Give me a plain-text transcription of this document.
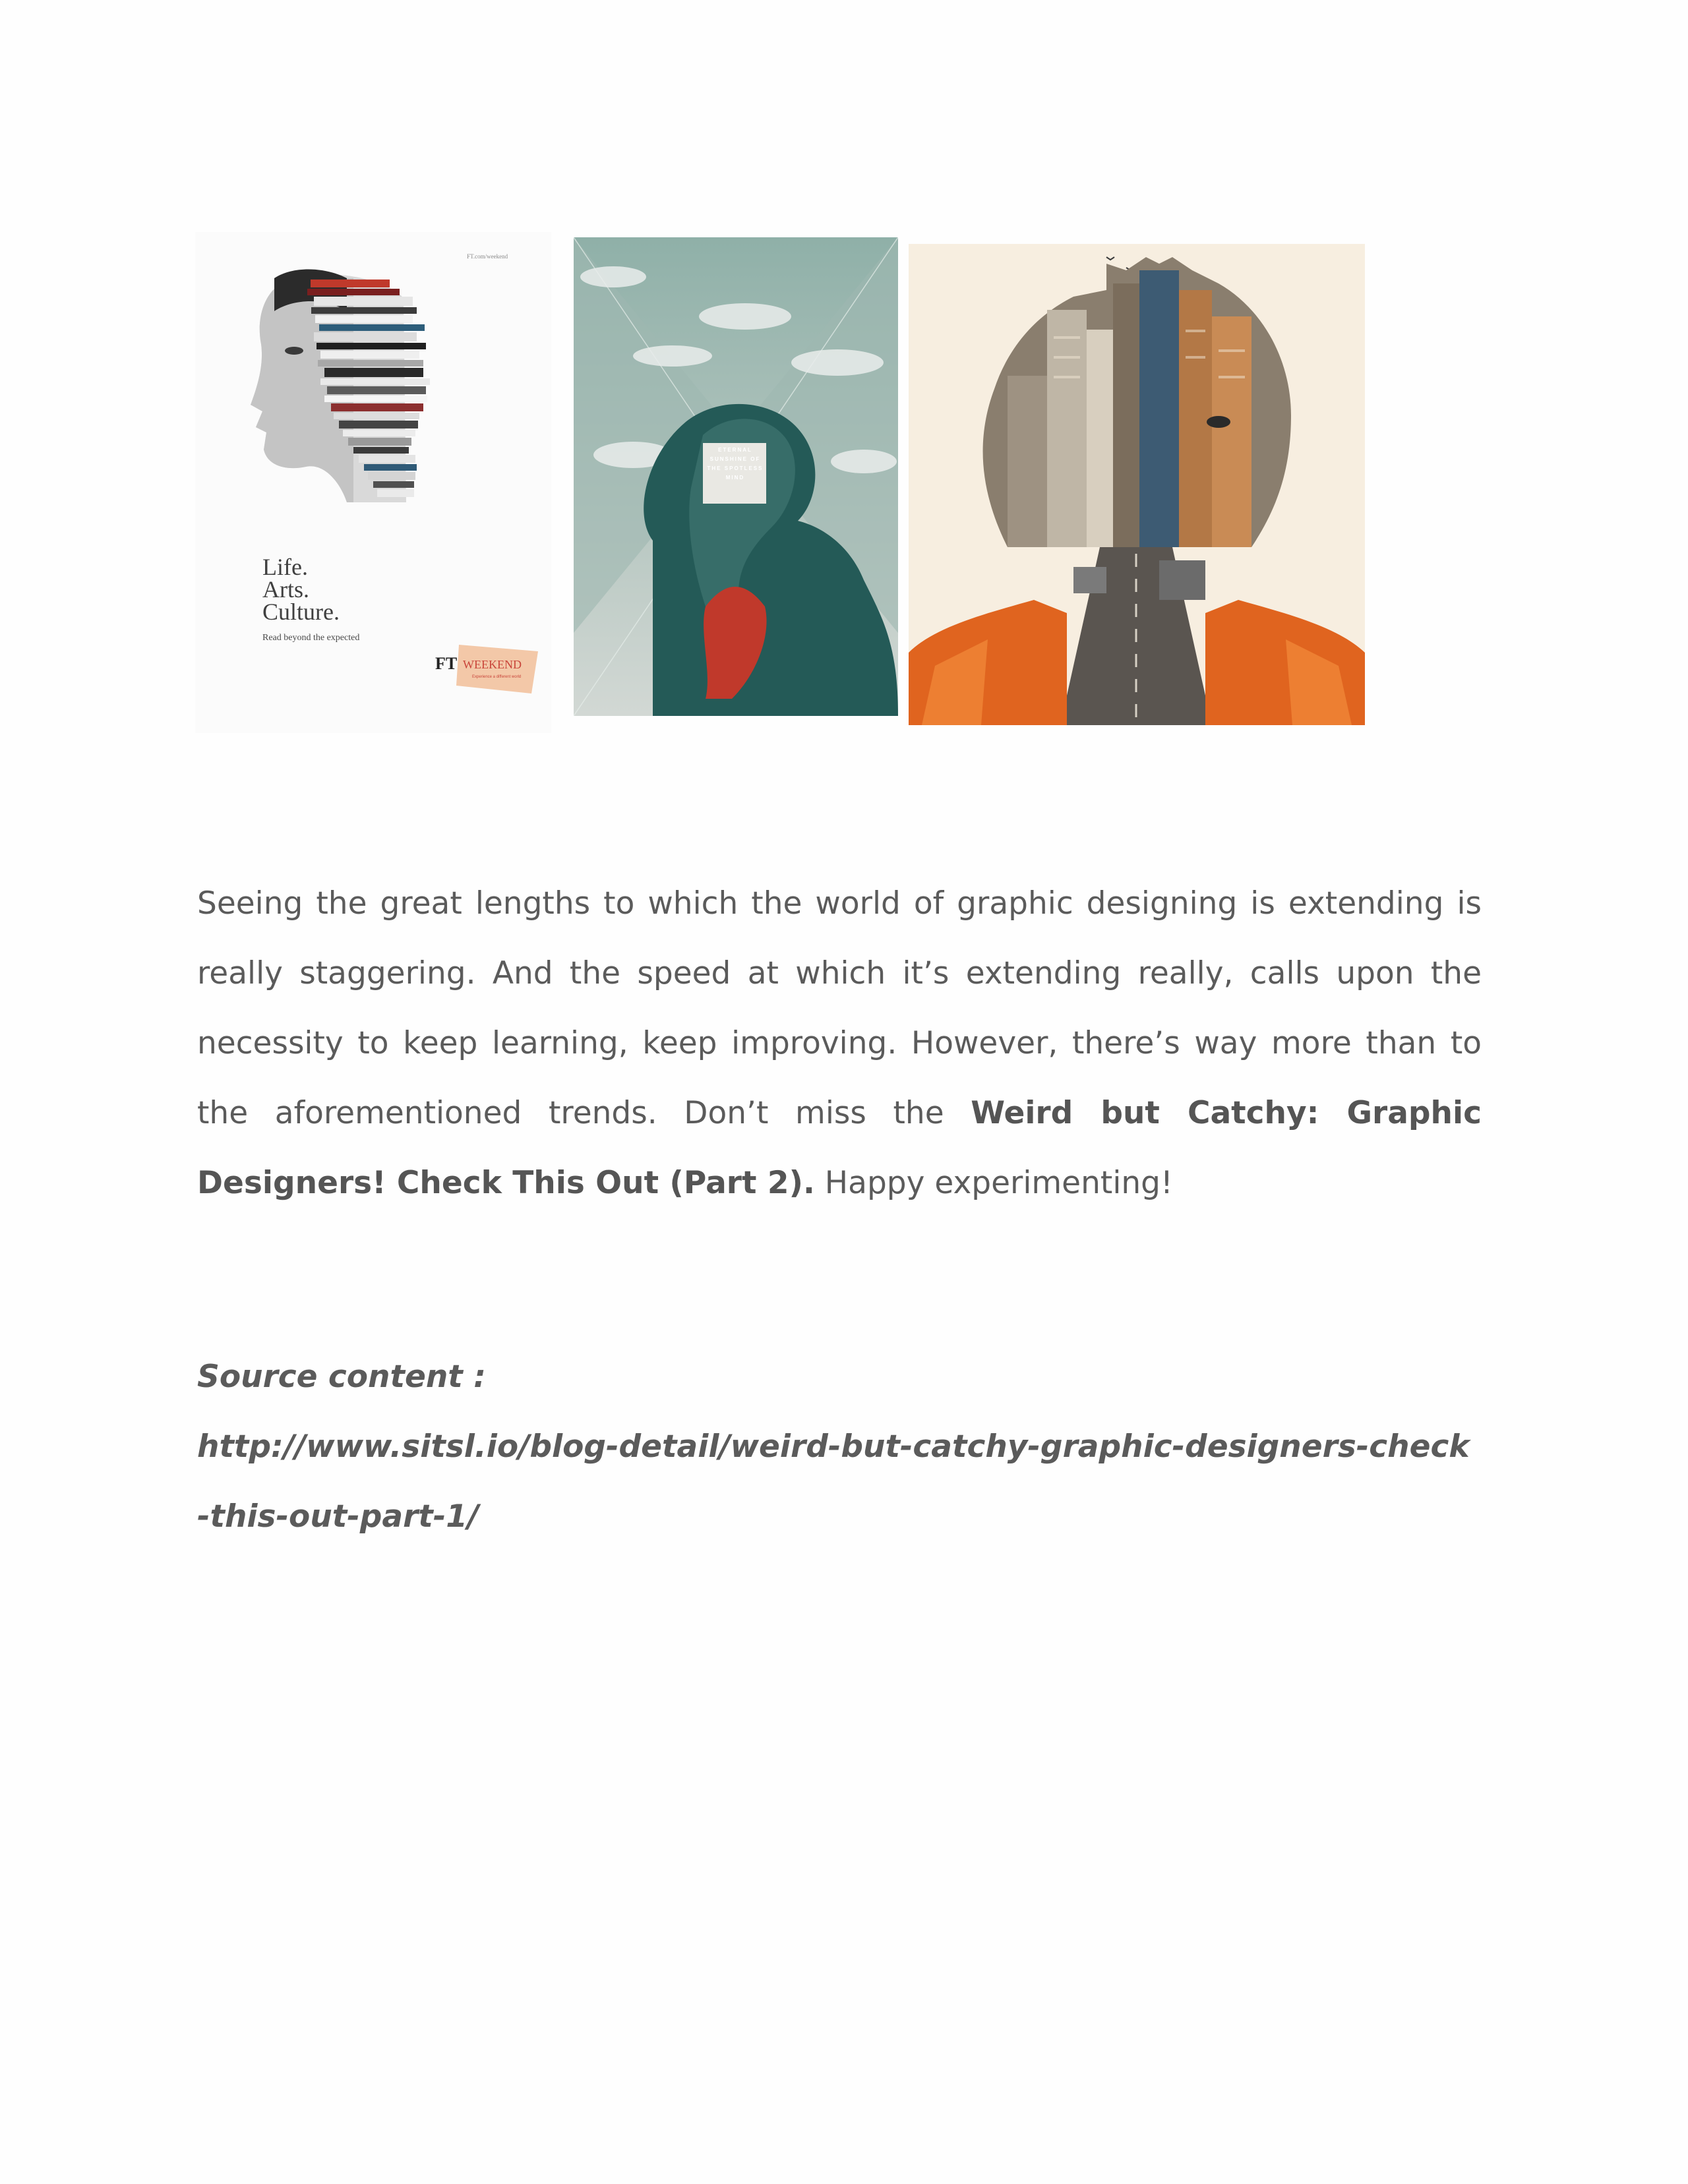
FT.com/weekend
Life.
Arts.
Culture.
Read beyond the expected
FT WEEKEND
Experience a different world
ETERNAL SUNSHINE OF THE SPOTLESS MIND

Seeing the great lengths to which the world of graphic designing is extending is really staggering. And the speed at which it’s extending really, calls upon the necessity to keep learning, keep improving. However, there’s way more than to the aforementioned trends. Don’t miss the Weird but Catchy: Graphic Designers! Check This Out (Part 2). Happy experimenting!

Source content :

http://www.sitsl.io/blog-detail/weird-but-catchy-graphic-designers-check-this-out-part-1/
